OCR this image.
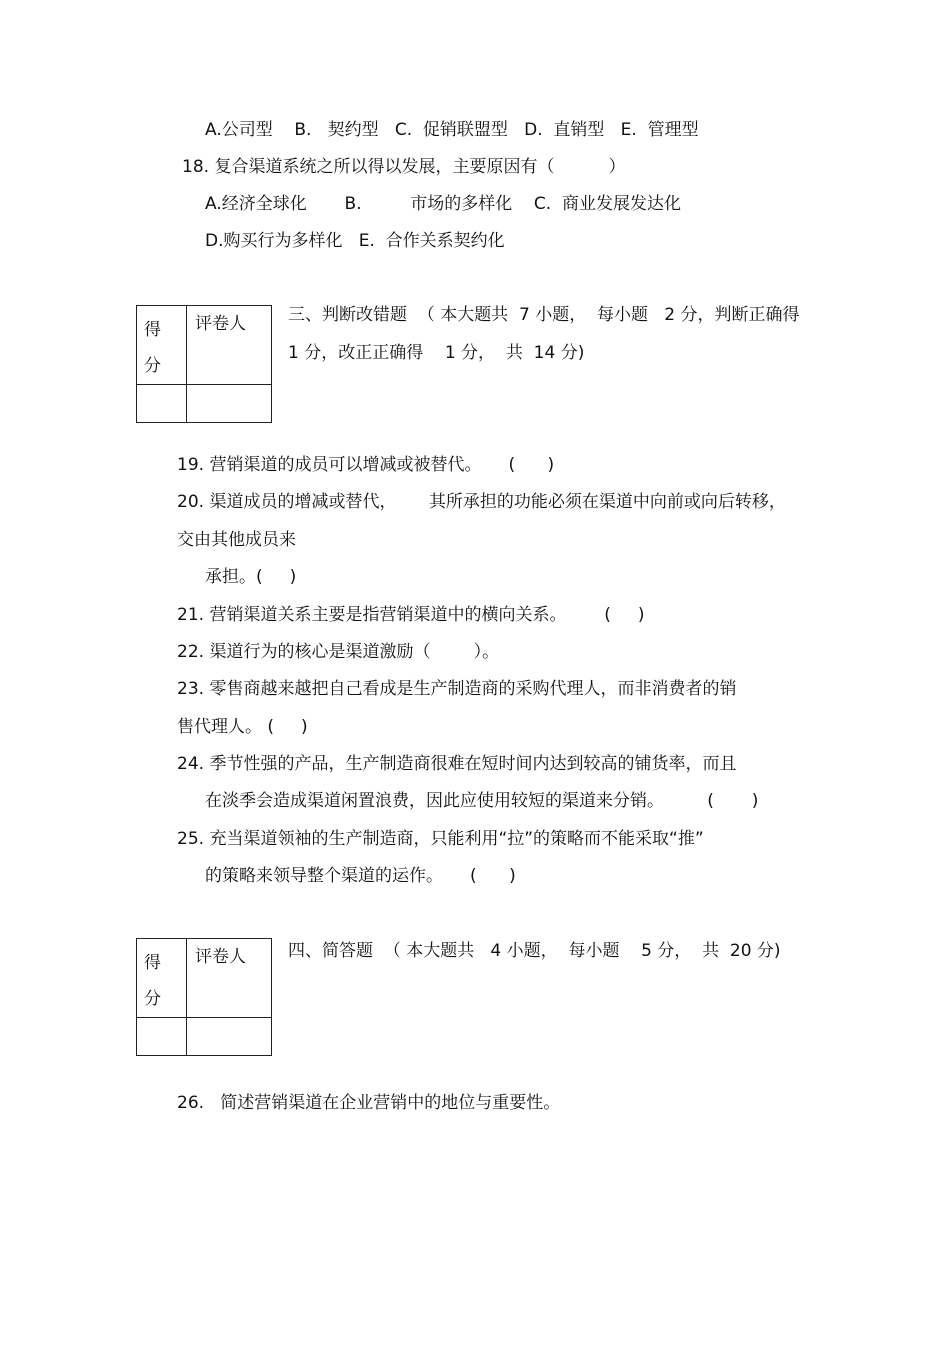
A.公司型    B.   契约型   C.  促销联盟型   D.  直销型   E.  管理型
18. 复合渠道系统之所以得以发展，主要原因有（          ）
A.经济全球化       B.         市场的多样化    C.  商业发展发达化
D.购买行为多样化   E.  合作关系契约化
得分	评卷人

		三、判断改错题  （ 本大题共  7 小题，  每小题   2 分，判断正确得
1 分，改正正确得    1 分，  共  14 分)
19. 营销渠道的成员可以增减或被替代。     (      )
20. 渠道成员的增减或替代，      其所承担的功能必须在渠道中向前或向后转移，
交由其他成员来
承担。(     )
21. 营销渠道关系主要是指营销渠道中的横向关系。       (     )
22. 渠道行为的核心是渠道激励（        ）。
23. 零售商越来越把自己看成是生产制造商的采购代理人，而非消费者的销
售代理人。 (     )
24. 季节性强的产品，生产制造商很难在短时间内达到较高的铺货率，而且
在淡季会造成渠道闲置浪费，因此应使用较短的渠道来分销。        (       )
25. 充当渠道领袖的生产制造商，只能利用“拉”的策略而不能采取“推”
的策略来领导整个渠道的运作。     (      )
得分	评卷人

		四、简答题  （ 本大题共   4 小题，  每小题    5 分，  共  20 分)
26.   简述营销渠道在企业营销中的地位与重要性。
